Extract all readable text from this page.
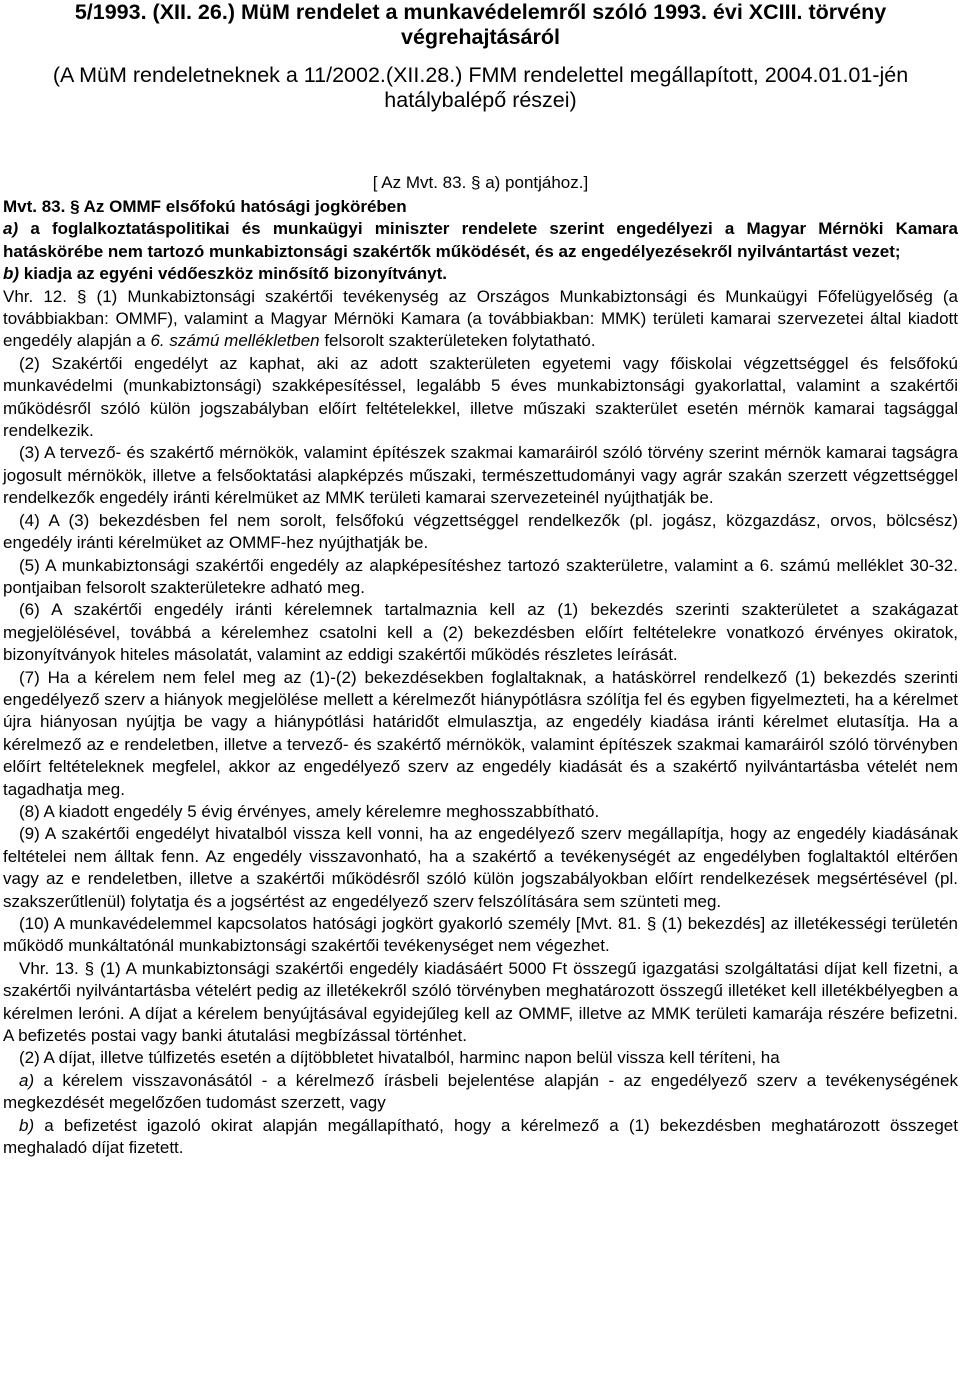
5/1993. (XII. 26.) MüM rendelet a munkavédelemről szóló 1993. évi XCIII. törvény végrehajtásáról
(A MüM rendeletneknek a 11/2002.(XII.28.) FMM rendelettel megállapított, 2004.01.01-jén hatálybalépő részei)
[ Az Mvt. 83. § a) pontjához.]

Mvt. 83. § Az OMMF elsőfokú hatósági jogkörében

a) a foglalkoztatáspolitikai és munkaügyi miniszter rendelete szerint engedélyezi a Magyar Mérnöki Kamara hatáskörébe nem tartozó munkabiztonsági szakértők működését, és az engedélyezésekről nyilvántartást vezet;

b) kiadja az egyéni védőeszköz minősítő bizonyítványt.

Vhr. 12. § (1) Munkabiztonsági szakértői tevékenység az Országos Munkabiztonsági és Munkaügyi Főfelügyelőség (a továbbiakban: OMMF), valamint a Magyar Mérnöki Kamara (a továbbiakban: MMK) területi kamarai szervezetei által kiadott engedély alapján a 6. számú mellékletben felsorolt szakterületeken folytatható.

(2) Szakértői engedélyt az kaphat, aki az adott szakterületen egyetemi vagy főiskolai végzettséggel és felsőfokú munkavédelmi (munkabiztonsági) szakképesítéssel, legalább 5 éves munkabiztonsági gyakorlattal, valamint a szakértői működésről szóló külön jogszabályban előírt feltételekkel, illetve műszaki szakterület esetén mérnök kamarai tagsággal rendelkezik.

(3) A tervező- és szakértő mérnökök, valamint építészek szakmai kamaráiról szóló törvény szerint mérnök kamarai tagságra jogosult mérnökök, illetve a felsőoktatási alapképzés műszaki, természettudományi vagy agrár szakán szerzett végzettséggel rendelkezők engedély iránti kérelmüket az MMK területi kamarai szervezeteinél nyújthatják be.

(4) A (3) bekezdésben fel nem sorolt, felsőfokú végzettséggel rendelkezők (pl. jogász, közgazdász, orvos, bölcsész) engedély iránti kérelmüket az OMMF-hez nyújthatják be.

(5) A munkabiztonsági szakértői engedély az alapképesítéshez tartozó szakterületre, valamint a 6. számú melléklet 30-32. pontjaiban felsorolt szakterületekre adható meg.

(6) A szakértői engedély iránti kérelemnek tartalmaznia kell az (1) bekezdés szerinti szakterületet a szakágazat megjelölésével, továbbá a kérelemhez csatolni kell a (2) bekezdésben előírt feltételekre vonatkozó érvényes okiratok, bizonyítványok hiteles másolatát, valamint az eddigi szakértői működés részletes leírását.

(7) Ha a kérelem nem felel meg az (1)-(2) bekezdésekben foglaltaknak, a hatáskörrel rendelkező (1) bekezdés szerinti engedélyező szerv a hiányok megjelölése mellett a kérelmezőt hiánypótlásra szólítja fel és egyben figyelmezteti, ha a kérelmet újra hiányosan nyújtja be vagy a hiánypótlási határidőt elmulasztja, az engedély kiadása iránti kérelmet elutasítja. Ha a kérelmező az e rendeletben, illetve a tervező- és szakértő mérnökök, valamint építészek szakmai kamaráiról szóló törvényben előírt feltételeknek megfelel, akkor az engedélyező szerv az engedély kiadását és a szakértő nyilvántartásba vételét nem tagadhatja meg.

(8) A kiadott engedély 5 évig érvényes, amely kérelemre meghosszabbítható.

(9) A szakértői engedélyt hivatalból vissza kell vonni, ha az engedélyező szerv megállapítja, hogy az engedély kiadásának feltételei nem álltak fenn. Az engedély visszavonható, ha a szakértő a tevékenységét az engedélyben foglaltaktól eltérően vagy az e rendeletben, illetve a szakértői működésről szóló külön jogszabályokban előírt rendelkezések megsértésével (pl. szakszerűtlenül) folytatja és a jogsértést az engedélyező szerv felszólítására sem szünteti meg.

(10) A munkavédelemmel kapcsolatos hatósági jogkört gyakorló személy [Mvt. 81. § (1) bekezdés] az illetékességi területén működő munkáltatónál munkabiztonsági szakértői tevékenységet nem végezhet.

Vhr. 13. § (1) A munkabiztonsági szakértői engedély kiadásáért 5000 Ft összegű igazgatási szolgáltatási díjat kell fizetni, a szakértői nyilvántartásba vételért pedig az illetékekről szóló törvényben meghatározott összegű illetéket kell illetékbélyegben a kérelmen leróni. A díjat a kérelem benyújtásával egyidejűleg kell az OMMF, illetve az MMK területi kamarája részére befizetni. A befizetés postai vagy banki átutalási megbízással történhet.

(2) A díjat, illetve túlfizetés esetén a díjtöbbletet hivatalból, harminc napon belül vissza kell téríteni, ha

a) a kérelem visszavonásától - a kérelmező írásbeli bejelentése alapján - az engedélyező szerv a tevékenységének megkezdését megelőzően tudomást szerzett, vagy

b) a befizetést igazoló okirat alapján megállapítható, hogy a kérelmező a (1) bekezdésben meghatározott összeget meghaladó díjat fizetett.
